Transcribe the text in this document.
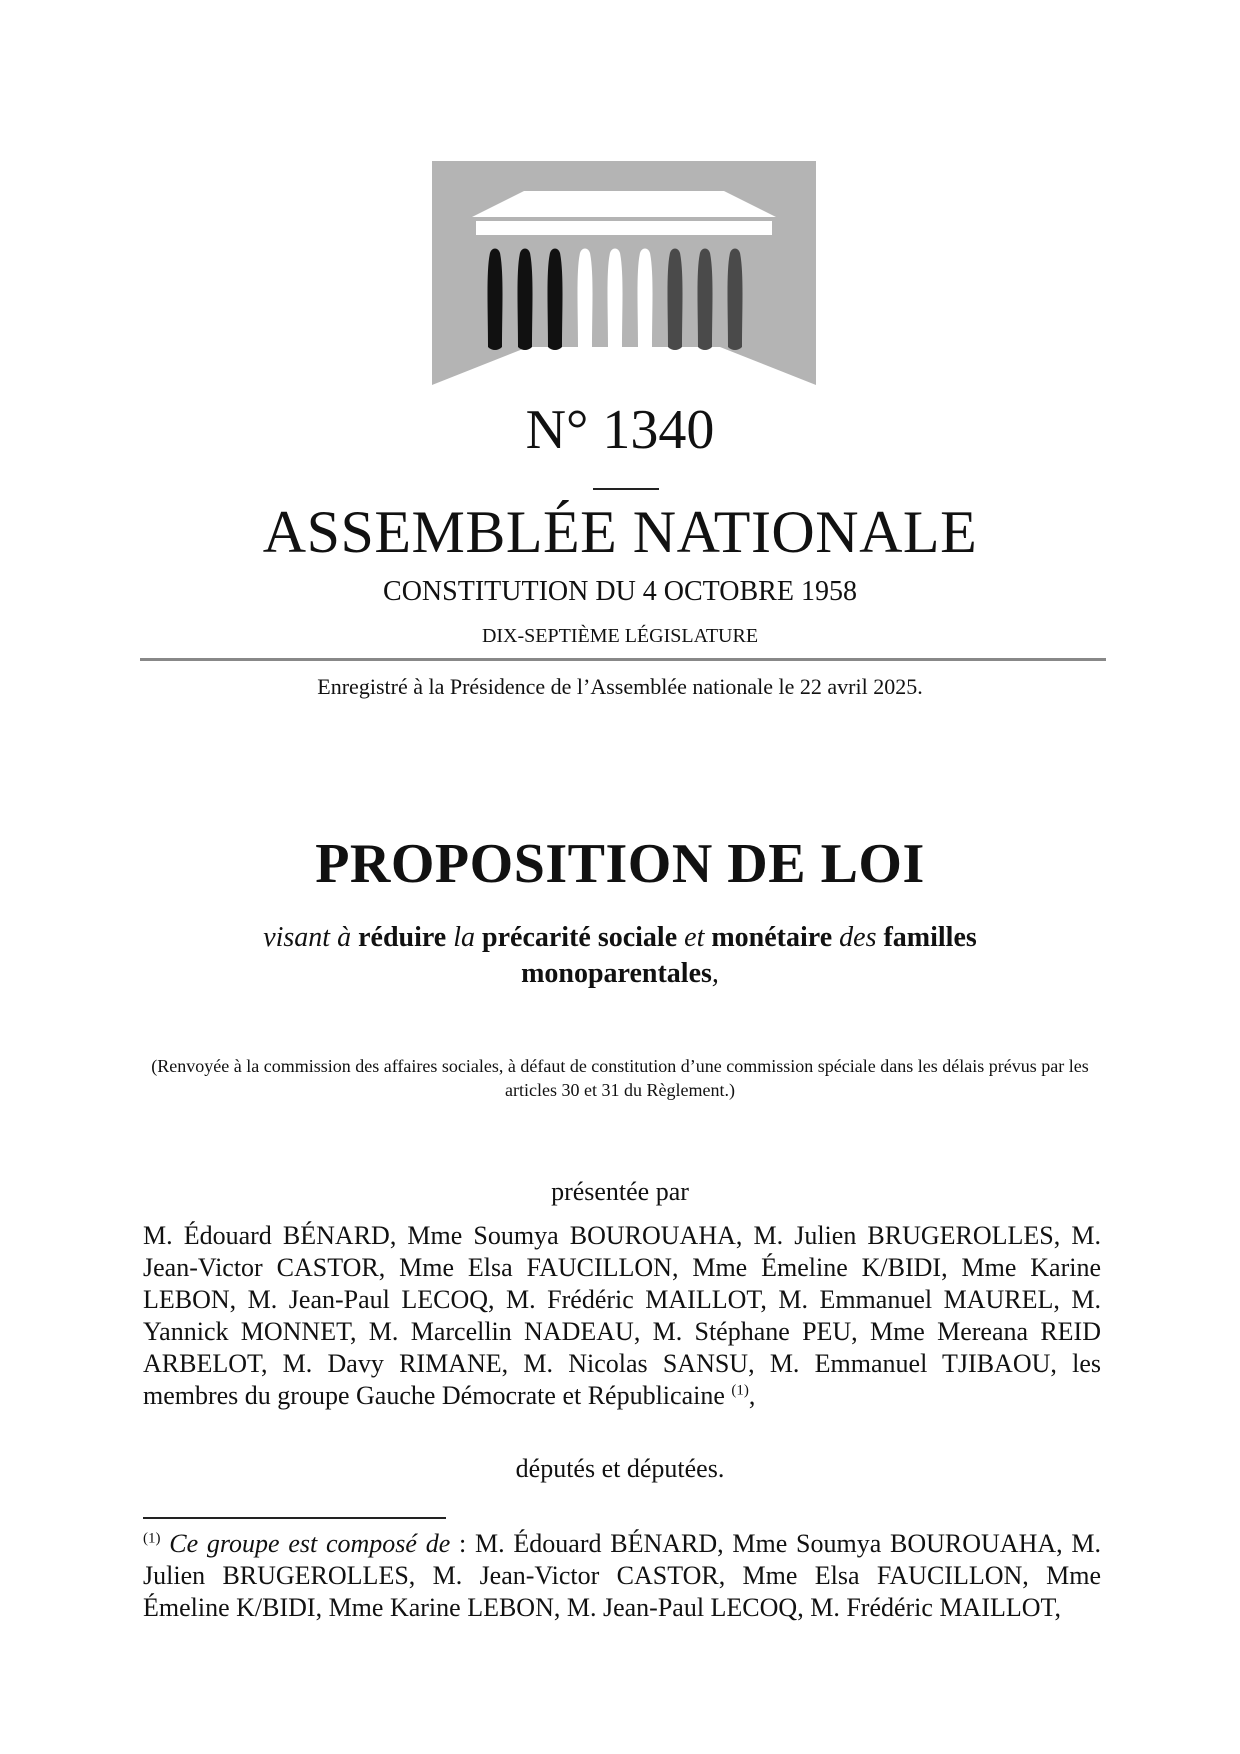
N° 1340
ASSEMBLÉE NATIONALE
CONSTITUTION DU 4 OCTOBRE 1958
DIX-SEPTIÈME LÉGISLATURE
Enregistré à la Présidence de l’Assemblée nationale le 22 avril 2025.
PROPOSITION DE LOI
visant à réduire la précarité sociale et monétaire des familles monoparentales,
(Renvoyée à la commission des affaires sociales, à défaut de constitution d’une commission spéciale dans les délais prévus par les articles 30 et 31 du Règlement.)
présentée par
M. Édouard BÉNARD, Mme Soumya BOUROUAHA, M. Julien BRUGEROLLES, M. Jean-Victor CASTOR, Mme Elsa FAUCILLON, Mme Émeline K/BIDI, Mme Karine LEBON, M. Jean-Paul LECOQ, M. Frédéric MAILLOT, M. Emmanuel MAUREL, M. Yannick MONNET, M. Marcellin NADEAU, M. Stéphane PEU, Mme Mereana REID ARBELOT, M. Davy RIMANE, M. Nicolas SANSU, M. Emmanuel TJIBAOU, les membres du groupe Gauche Démocrate et Républicaine $^{(1)}$,
députés et députées.
$^{(1)}$ Ce groupe est composé de : M. Édouard BÉNARD, Mme Soumya BOUROUAHA, M. Julien BRUGEROLLES, M. Jean-Victor CASTOR, Mme Elsa FAUCILLON, Mme Émeline K/BIDI, Mme Karine LEBON, M. Jean-Paul LECOQ, M. Frédéric MAILLOT,
